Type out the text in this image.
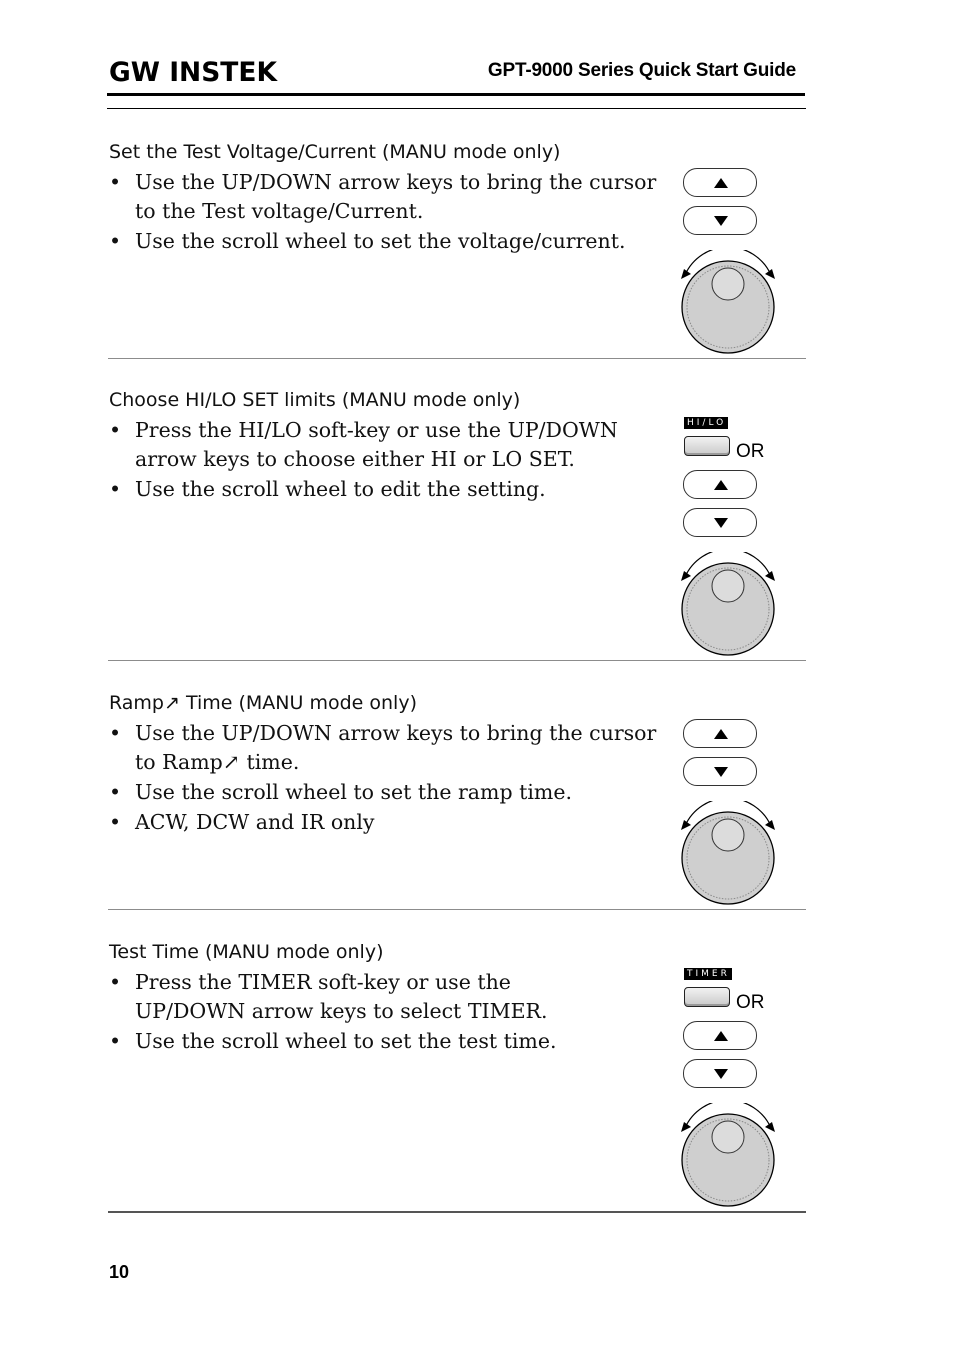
GW INSTEK	GPT-9000 Series Quick Start Guide
Set the Test Voltage/Current (MANU mode only)
• Use the UP/DOWN arrow keys to bring the cursor to the Test voltage/Current.
• Use the scroll wheel to set the voltage/current.
Choose HI/LO SET limits (MANU mode only)
• Press the HI/LO soft-key or use the UP/DOWN arrow keys to choose either HI or LO SET.
• Use the scroll wheel to edit the setting.
HI/LO
OR
Ramp↗ Time (MANU mode only)
• Use the UP/DOWN arrow keys to bring the cursor to Ramp↗ time.
• Use the scroll wheel to set the ramp time.
• ACW, DCW and IR only
Test Time (MANU mode only)
• Press the TIMER soft-key or use the UP/DOWN arrow keys to select TIMER.
• Use the scroll wheel to set the test time.
TIMER
OR
10
